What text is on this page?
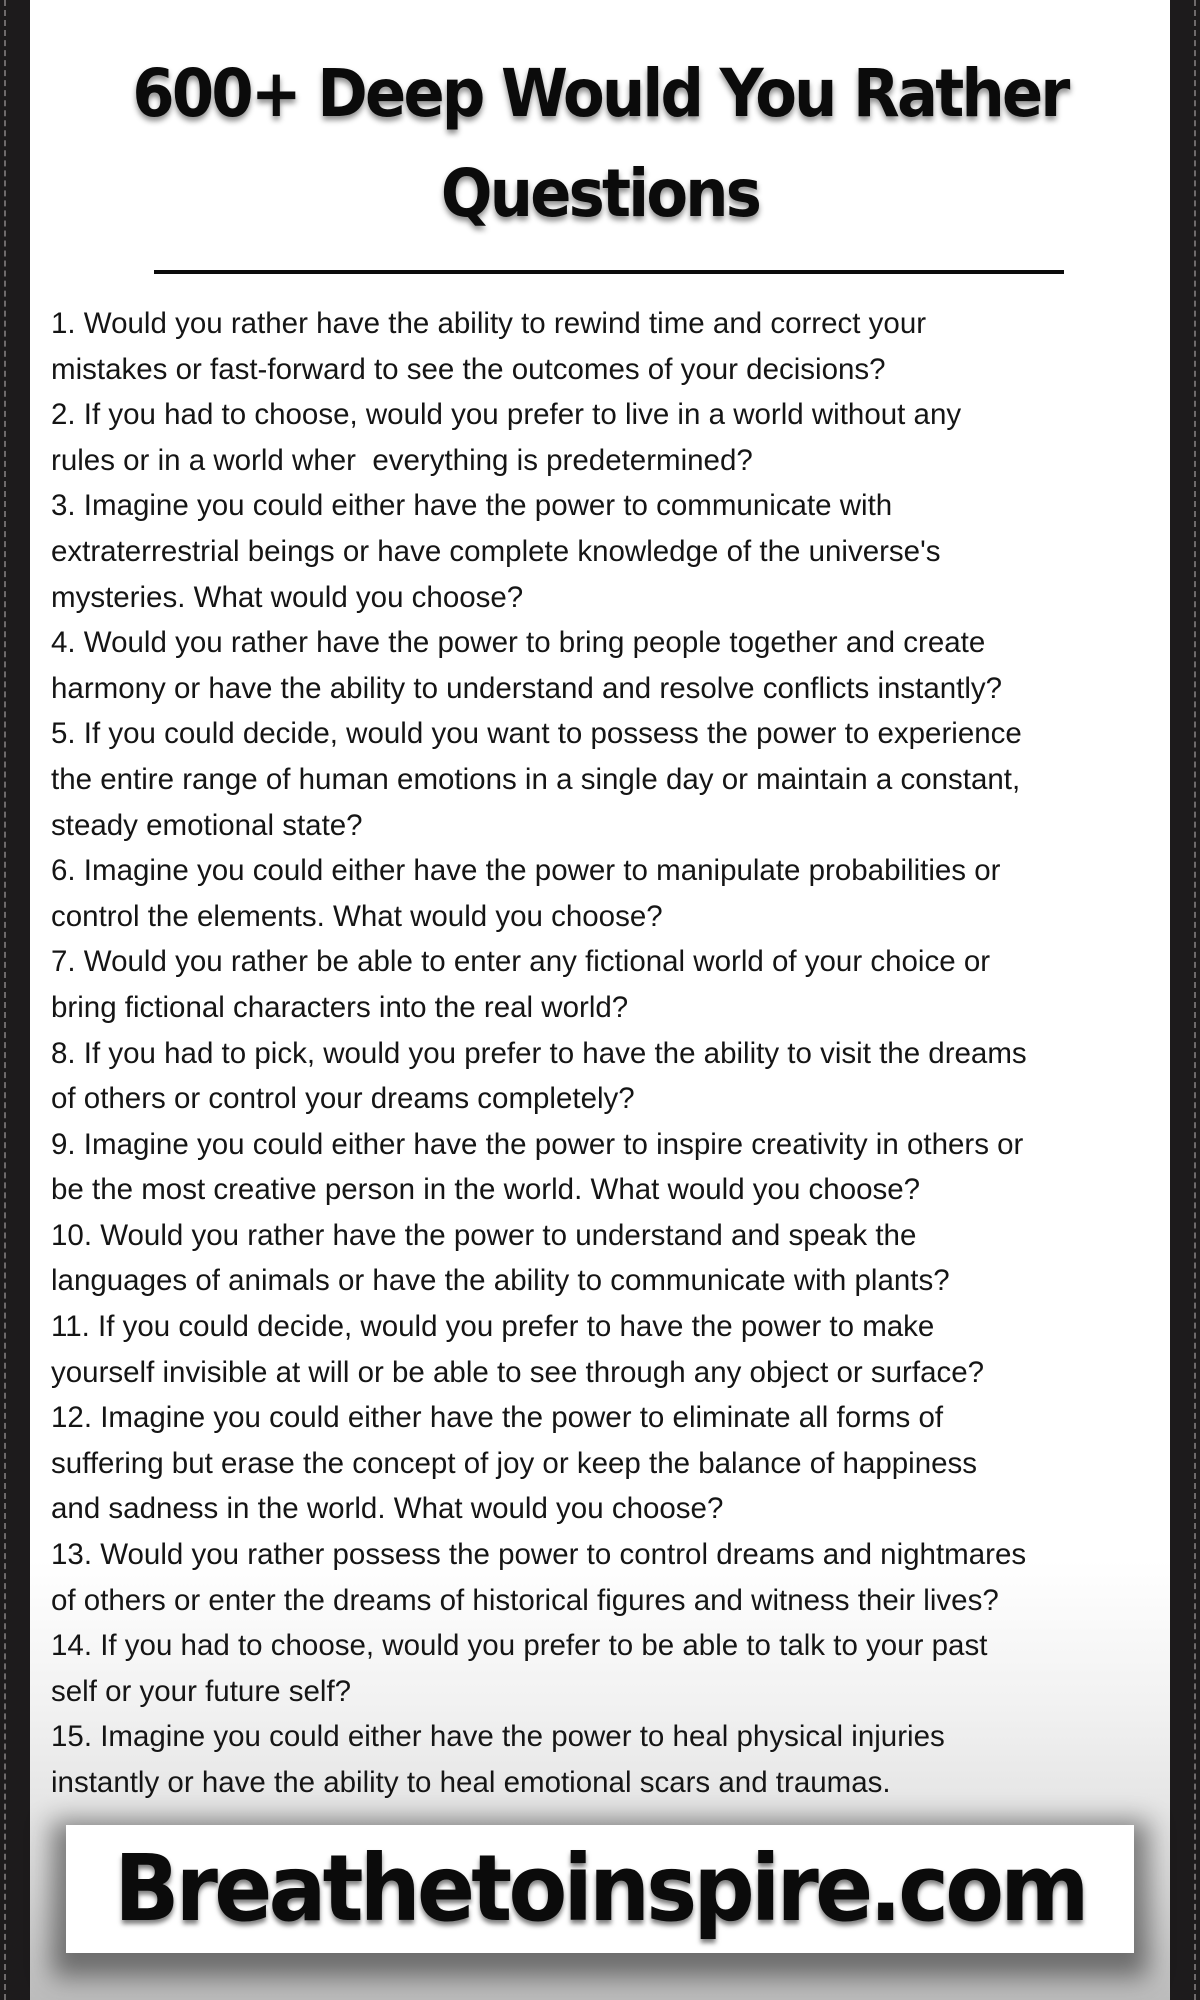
600+ Deep Would You Rather
Questions
1. Would you rather have the ability to rewind time and correct your
mistakes or fast-forward to see the outcomes of your decisions?
2. If you had to choose, would you prefer to live in a world without any
rules or in a world wher  everything is predetermined?
3. Imagine you could either have the power to communicate with
extraterrestrial beings or have complete knowledge of the universe's
mysteries. What would you choose?
4. Would you rather have the power to bring people together and create
harmony or have the ability to understand and resolve conflicts instantly?
5. If you could decide, would you want to possess the power to experience
the entire range of human emotions in a single day or maintain a constant,
steady emotional state?
6. Imagine you could either have the power to manipulate probabilities or
control the elements. What would you choose?
7. Would you rather be able to enter any fictional world of your choice or
bring fictional characters into the real world?
8. If you had to pick, would you prefer to have the ability to visit the dreams
of others or control your dreams completely?
9. Imagine you could either have the power to inspire creativity in others or
be the most creative person in the world. What would you choose?
10. Would you rather have the power to understand and speak the
languages of animals or have the ability to communicate with plants?
11. If you could decide, would you prefer to have the power to make
yourself invisible at will or be able to see through any object or surface?
12. Imagine you could either have the power to eliminate all forms of
suffering but erase the concept of joy or keep the balance of happiness
and sadness in the world. What would you choose?
13. Would you rather possess the power to control dreams and nightmares
of others or enter the dreams of historical figures and witness their lives?
14. If you had to choose, would you prefer to be able to talk to your past
self or your future self?
15. Imagine you could either have the power to heal physical injuries
instantly or have the ability to heal emotional scars and traumas.
Breathetoinspire.com
